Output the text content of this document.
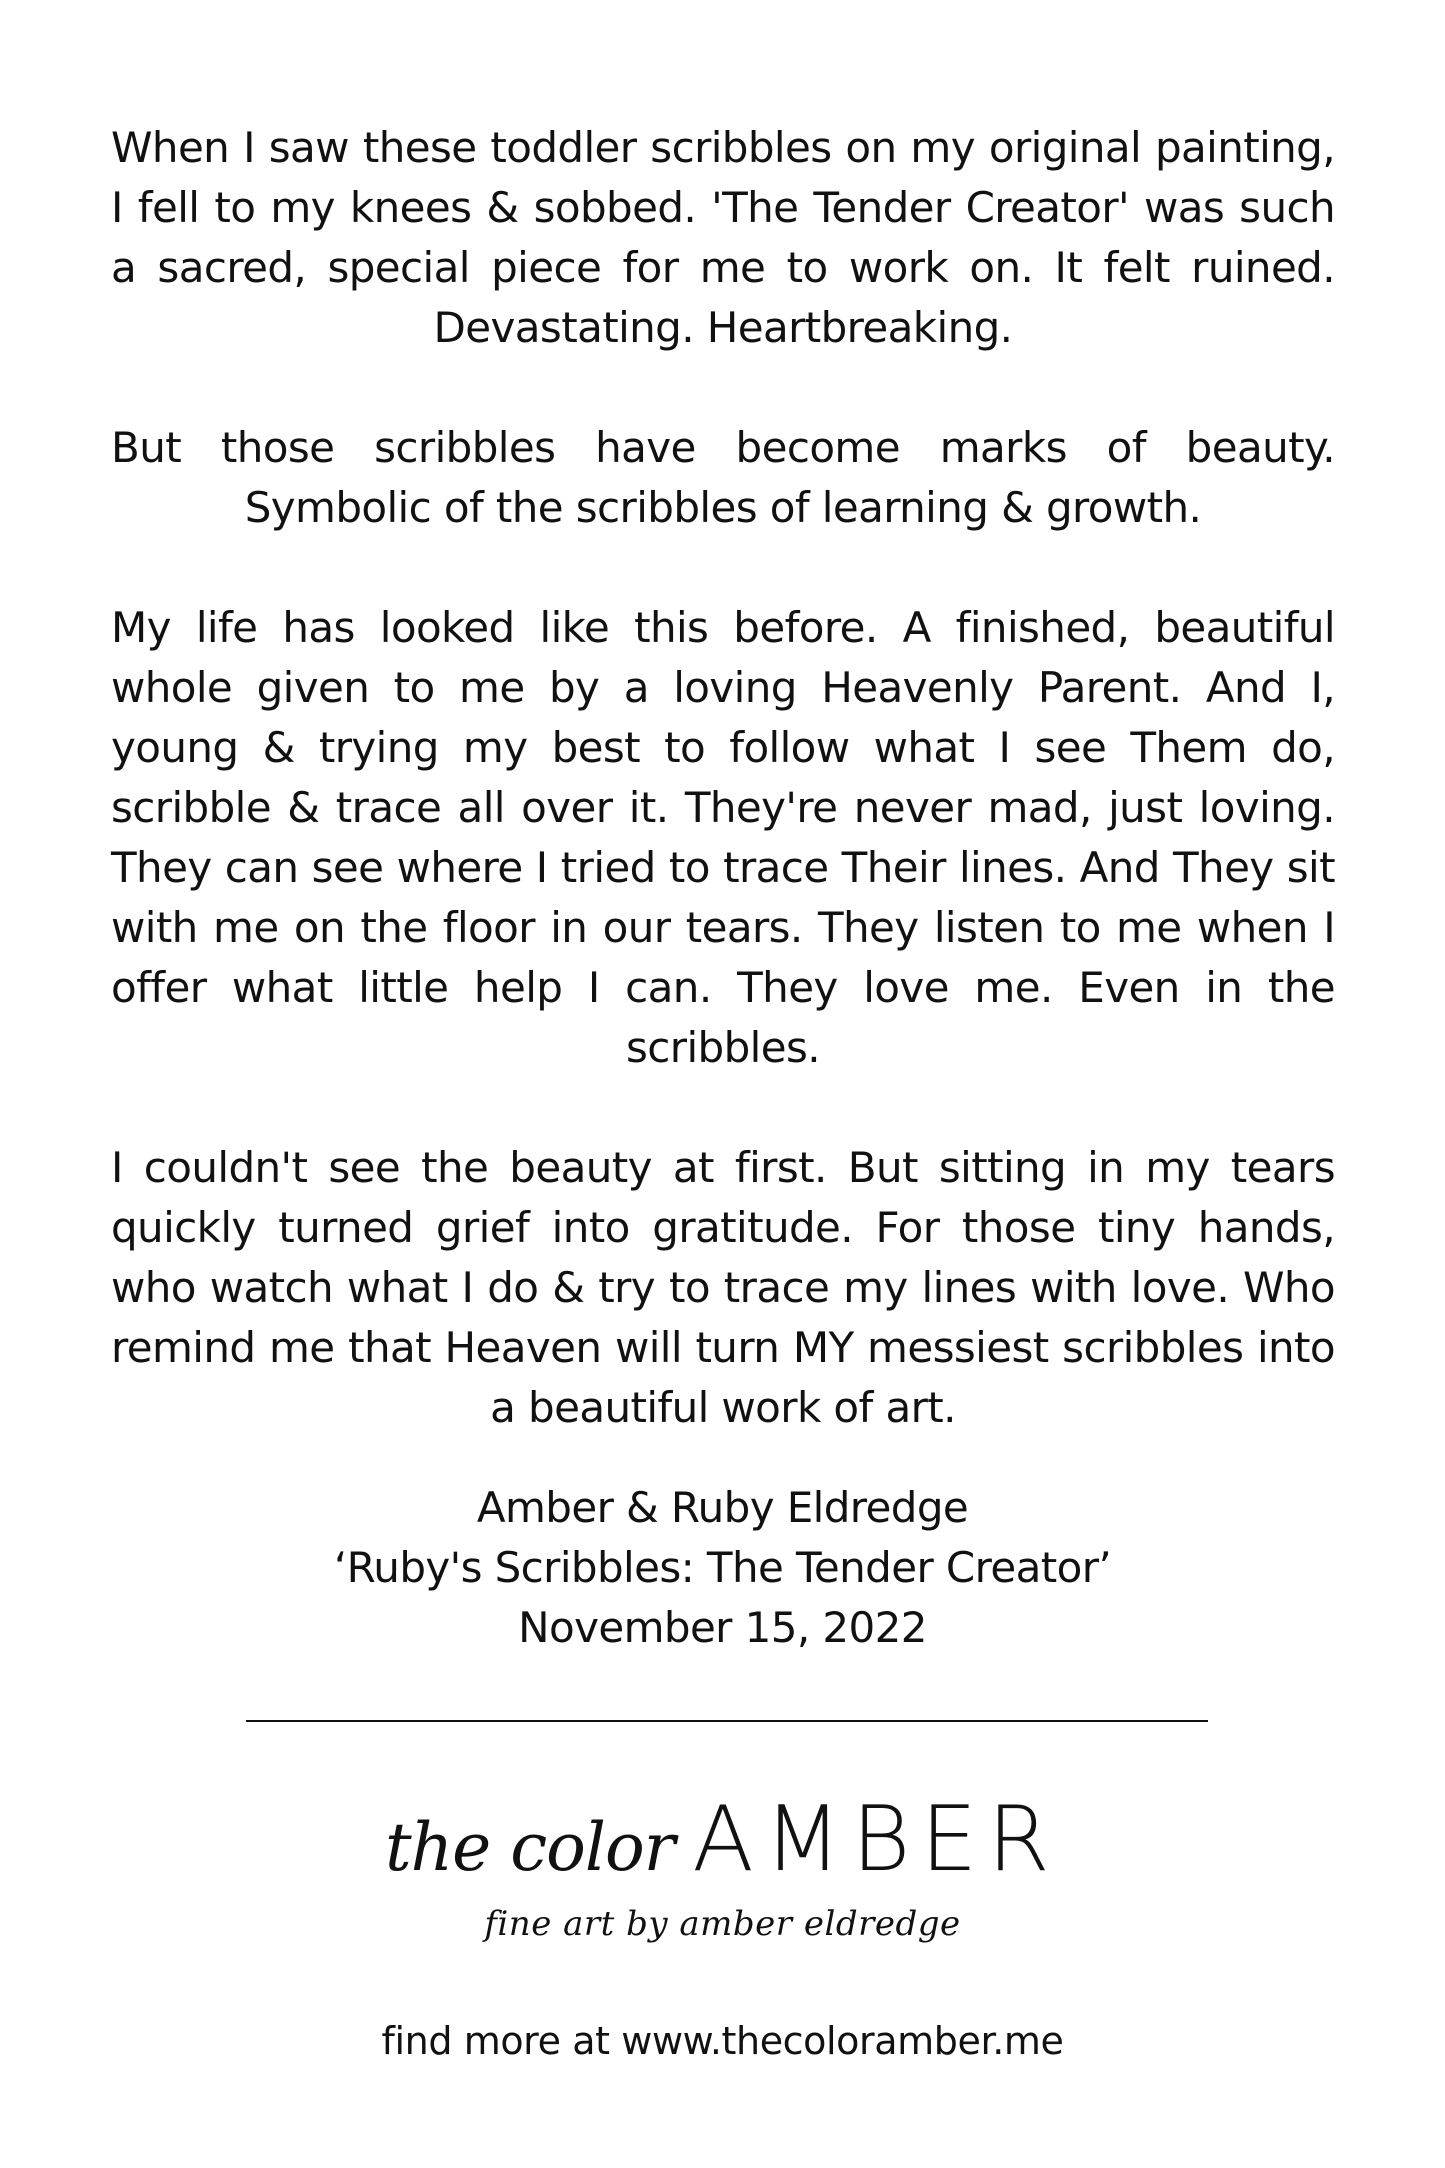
When I saw these toddler scribbles on my original painting, I fell to my knees & sobbed. 'The Tender Creator' was such a sacred, special piece for me to work on. It felt ruined. Devastating. Heartbreaking.

But those scribbles have become marks of beauty. Symbolic of the scribbles of learning & growth.

My life has looked like this before. A finished, beautiful whole given to me by a loving Heavenly Parent. And I, young & trying my best to follow what I see Them do, scribble & trace all over it. They're never mad, just loving. They can see where I tried to trace Their lines. And They sit with me on the floor in our tears. They listen to me when I offer what little help I can. They love me. Even in the scribbles.

I couldn't see the beauty at first. But sitting in my tears quickly turned grief into gratitude. For those tiny hands, who watch what I do & try to trace my lines with love. Who remind me that Heaven will turn MY messiest scribbles into a beautiful work of art.

Amber & Ruby Eldredge
‘Ruby's Scribbles: The Tender Creator’
November 15, 2022
the color AMBER
fine art by amber eldredge
find more at www.thecoloramber.me
